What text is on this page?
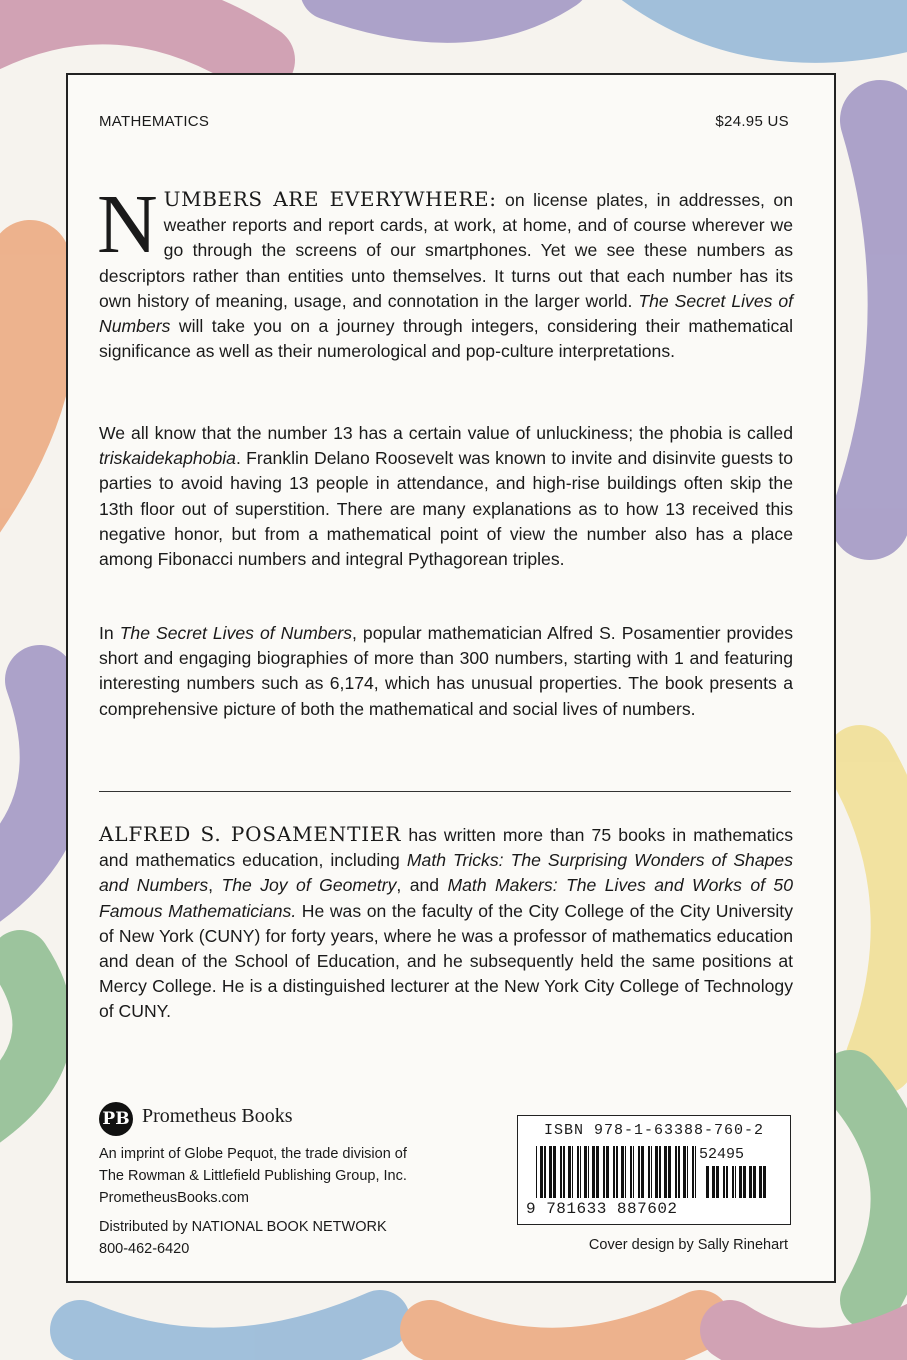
MATHEMATICS	$24.95 US

NUMBERS ARE EVERYWHERE: on license plates, in addresses, on weather reports and report cards, at work, at home, and of course wherever we go through the screens of our smartphones. Yet we see these numbers as descriptors rather than entities unto themselves. It turns out that each number has its own history of meaning, usage, and connotation in the larger world. The Secret Lives of Numbers will take you on a journey through integers, considering their mathematical significance as well as their numerological and pop-culture interpretations.

We all know that the number 13 has a certain value of unluckiness; the phobia is called triskaidekaphobia. Franklin Delano Roosevelt was known to invite and disinvite guests to parties to avoid having 13 people in attendance, and high-rise buildings often skip the 13th floor out of superstition. There are many explanations as to how 13 received this negative honor, but from a mathematical point of view the number also has a place among Fibonacci numbers and integral Pythagorean triples.

In The Secret Lives of Numbers, popular mathematician Alfred S. Posamentier provides short and engaging biographies of more than 300 numbers, starting with 1 and featuring interesting numbers such as 6,174, which has unusual properties. The book presents a comprehensive picture of both the mathematical and social lives of numbers.

ALFRED S. POSAMENTIER has written more than 75 books in mathematics and mathematics education, including Math Tricks: The Surprising Wonders of Shapes and Numbers, The Joy of Geometry, and Math Makers: The Lives and Works of 50 Famous Mathematicians. He was on the faculty of the City College of the City University of New York (CUNY) for forty years, where he was a professor of mathematics education and dean of the School of Education, and he subsequently held the same positions at Mercy College. He is a distinguished lecturer at the New York City College of Technology of CUNY.

PB Prometheus Books
An imprint of Globe Pequot, the trade division of
The Rowman & Littlefield Publishing Group, Inc.
PrometheusBooks.com
Distributed by NATIONAL BOOK NETWORK
800-462-6420
ISBN 978-1-63388-760-2
52495
9 781633 887602
Cover design by Sally Rinehart
